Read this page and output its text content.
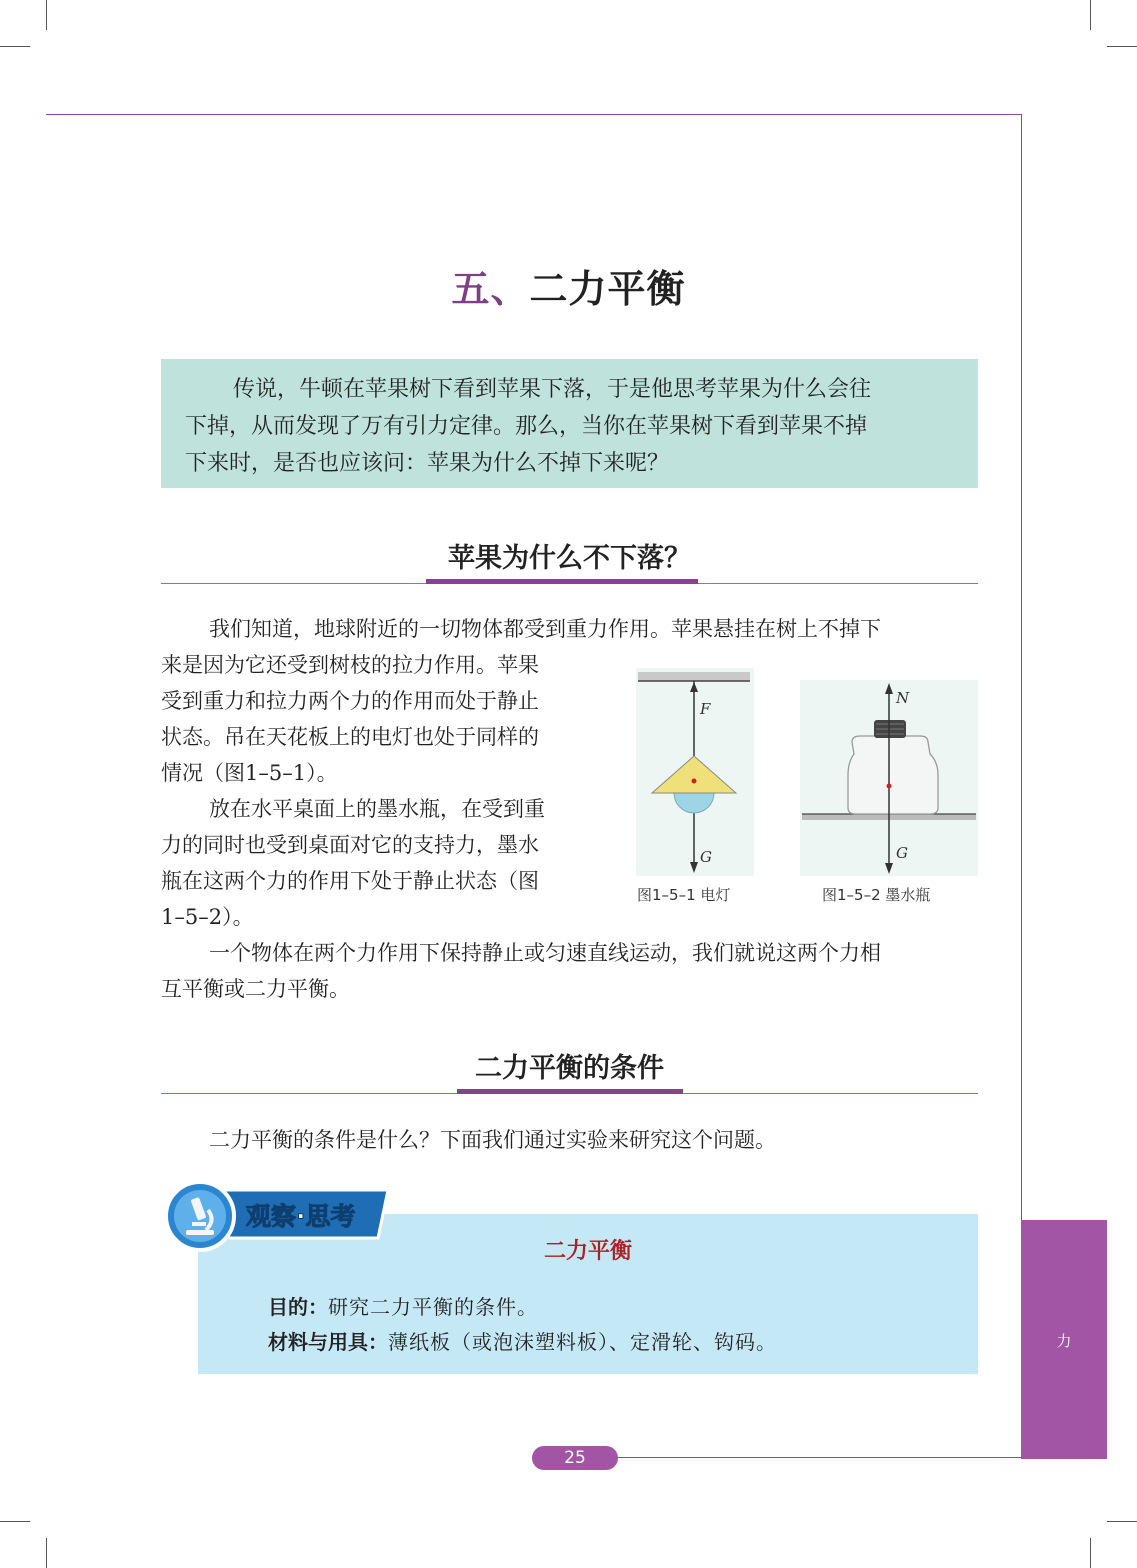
五、二力平衡
传说，牛顿在苹果树下看到苹果下落，于是他思考苹果为什么会往
下掉，从而发现了万有引力定律。那么，当你在苹果树下看到苹果不掉
下来时，是否也应该问：苹果为什么不掉下来呢？
苹果为什么不下落？
我们知道，地球附近的一切物体都受到重力作用。苹果悬挂在树上不掉下
来是因为它还受到树枝的拉力作用。苹果
受到重力和拉力两个力的作用而处于静止
状态。吊在天花板上的电灯也处于同样的
情况（图1–5–1）。
放在水平桌面上的墨水瓶，在受到重
力的同时也受到桌面对它的支持力，墨水
瓶在这两个力的作用下处于静止状态（图
1–5–2）。
一个物体在两个力作用下保持静止或匀速直线运动，我们就说这两个力相
互平衡或二力平衡。
F
G
图1–5–1 电灯
N
G
图1–5–2 墨水瓶
二力平衡的条件
二力平衡的条件是什么？下面我们通过实验来研究这个问题。
观察·思考
二力平衡
目的：研究二力平衡的条件。
材料与用具：薄纸板（或泡沫塑料板）、定滑轮、钩码。	力
25
